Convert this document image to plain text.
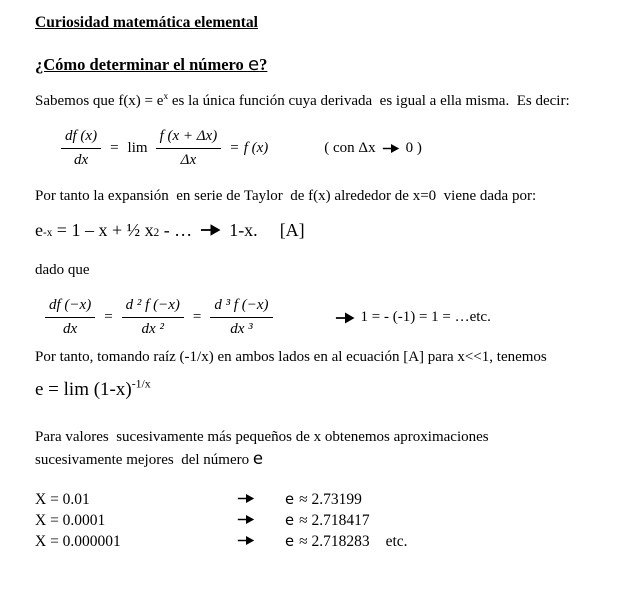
Curiosidad matemática elemental
¿Cómo determinar el número e?

Sabemos que $f(x) = e^x$ es la única función cuya derivada  es igual a ella misma.  Es decir:

$\frac{df (x)}{dx} = \lim \frac{f (x + \Delta x)}{\Delta x} = f$ (x)	( con Δx 0 )

Por tanto la expansión  en serie de Taylor  de f(x) alrededor de x=0  viene dada por:

e -x = 1 – x + ½ x 2 - … 1-x. [A]

dado que

$\frac{df (-x)}{dx} = \frac{\text{d ² f (−x)}}{\text{dx ²}} = \frac{\text{d ³ f (−x)}}{\text{dx ³}}$	1 = - (-1) = 1 = …etc.

Por tanto, tomando raíz (-1/x) en ambos lados en al ecuación [A] para x<<1, tenemos

$e = \lim (1-x)^{-1/x}$

Para valores  sucesivamente más pequeños de x obtenemos aproximaciones
sucesivamente mejores  del número e

X = 0.01	e ≈ 2.73199
X = 0.0001	e ≈ 2.718417
X = 0.000001	e ≈ 2.718283 etc.
